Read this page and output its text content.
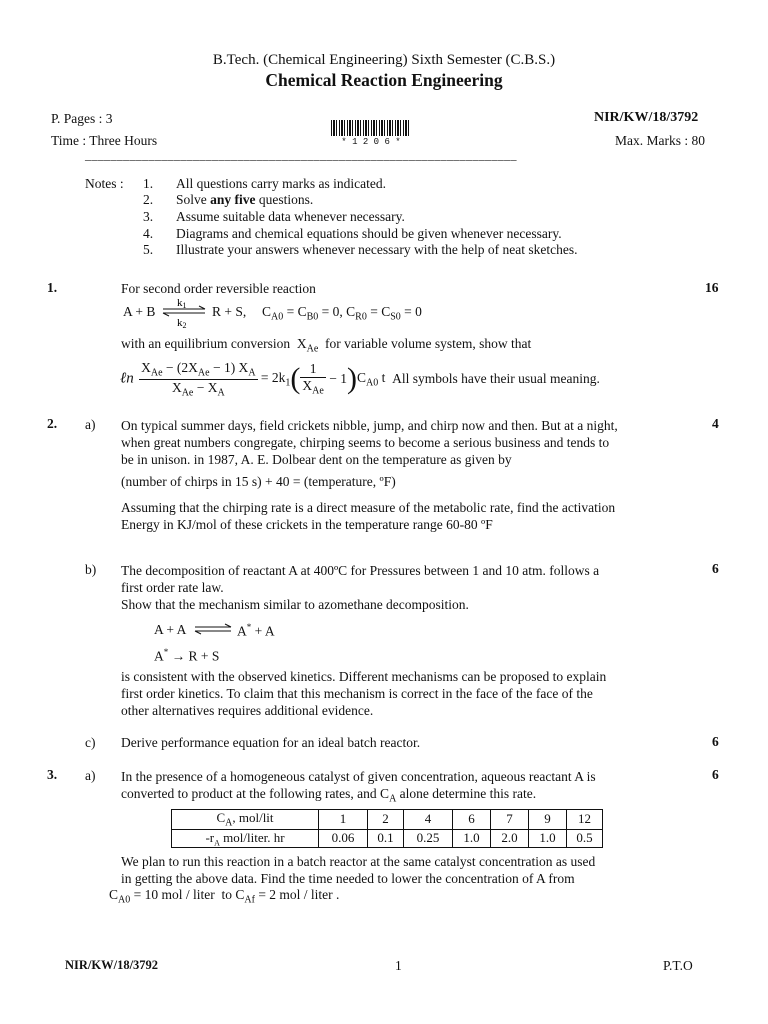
B.Tech. (Chemical Engineering) Sixth Semester (C.B.S.)
Chemical Reaction Engineering
P. Pages : 3	NIR/KW/18/3792
Time : Three Hours	* 1 2 0 6 *	Max. Marks : 80
____________________________________________________________________
Notes : 1. All questions carry marks as indicated.
2. Solve any five questions.
3. Assume suitable data whenever necessary.
4. Diagrams and chemical equations should be given whenever necessary.
5. Illustrate your answers whenever necessary with the help of neat sketches.
1.	For second order reversible reaction	16
A + B
k1
k2
R + S, $C_{A0} = C_{B0} = 0$, $C_{R0} = C_{S0} = 0$
with an equilibrium conversion  $X_{Ae}$ for variable volume system, show that
ℓn $\frac{X_{Ae} - (2X_{Ae} - 1) X_A}{X_{Ae} - X_A} = 2k_1( \frac{1}{X_{Ae}} - 1)C_{A0}$ t  All symbols have their usual meaning.
2. a)	4
On typical summer days, field crickets nibble, jump, and chirp now and then. But at a night,
when great numbers congregate, chirping seems to become a serious business and tends to
be in unison. in 1987, A. E. Dolbear dent on the temperature as given by
(number of chirps in 15 s) + 40 = (temperature, ºF)
Assuming that the chirping rate is a direct measure of the metabolic rate, find the activation
Energy in KJ/mol of these crickets in the temperature range 60-80 ºF
b)	6
The decomposition of reactant A at 400ºC for Pressures between 1 and 10 atm. follows a
first order rate law.
Show that the mechanism similar to azomethane decomposition.
A + A ⇌ A* + A
A* → R + S
is consistent with the observed kinetics. Different mechanisms can be proposed to explain
first order kinetics. To claim that this mechanism is correct in the face of the face of the
other alternatives requires additional evidence.
c) Derive performance equation for an ideal batch reactor.	6
3. a)	6
In the presence of a homogeneous catalyst of given concentration, aqueous reactant A is
converted to product at the following rates, and $C_A$ alone determine this rate.
$C_A$, mol/lit	1	2	4	6	7	9	12
$-r_A$ mol/liter. hr	0.06	0.1	0.25	1.0	2.0	1.0	0.5
We plan to run this reaction in a batch reactor at the same catalyst concentration as used
in getting the above data. Find the time needed to lower the concentration of A from
$C_{A0} = 10$ mol / liter  to $C_{Af} = 2$ mol / liter .
NIR/KW/18/3792	1	P.T.O
